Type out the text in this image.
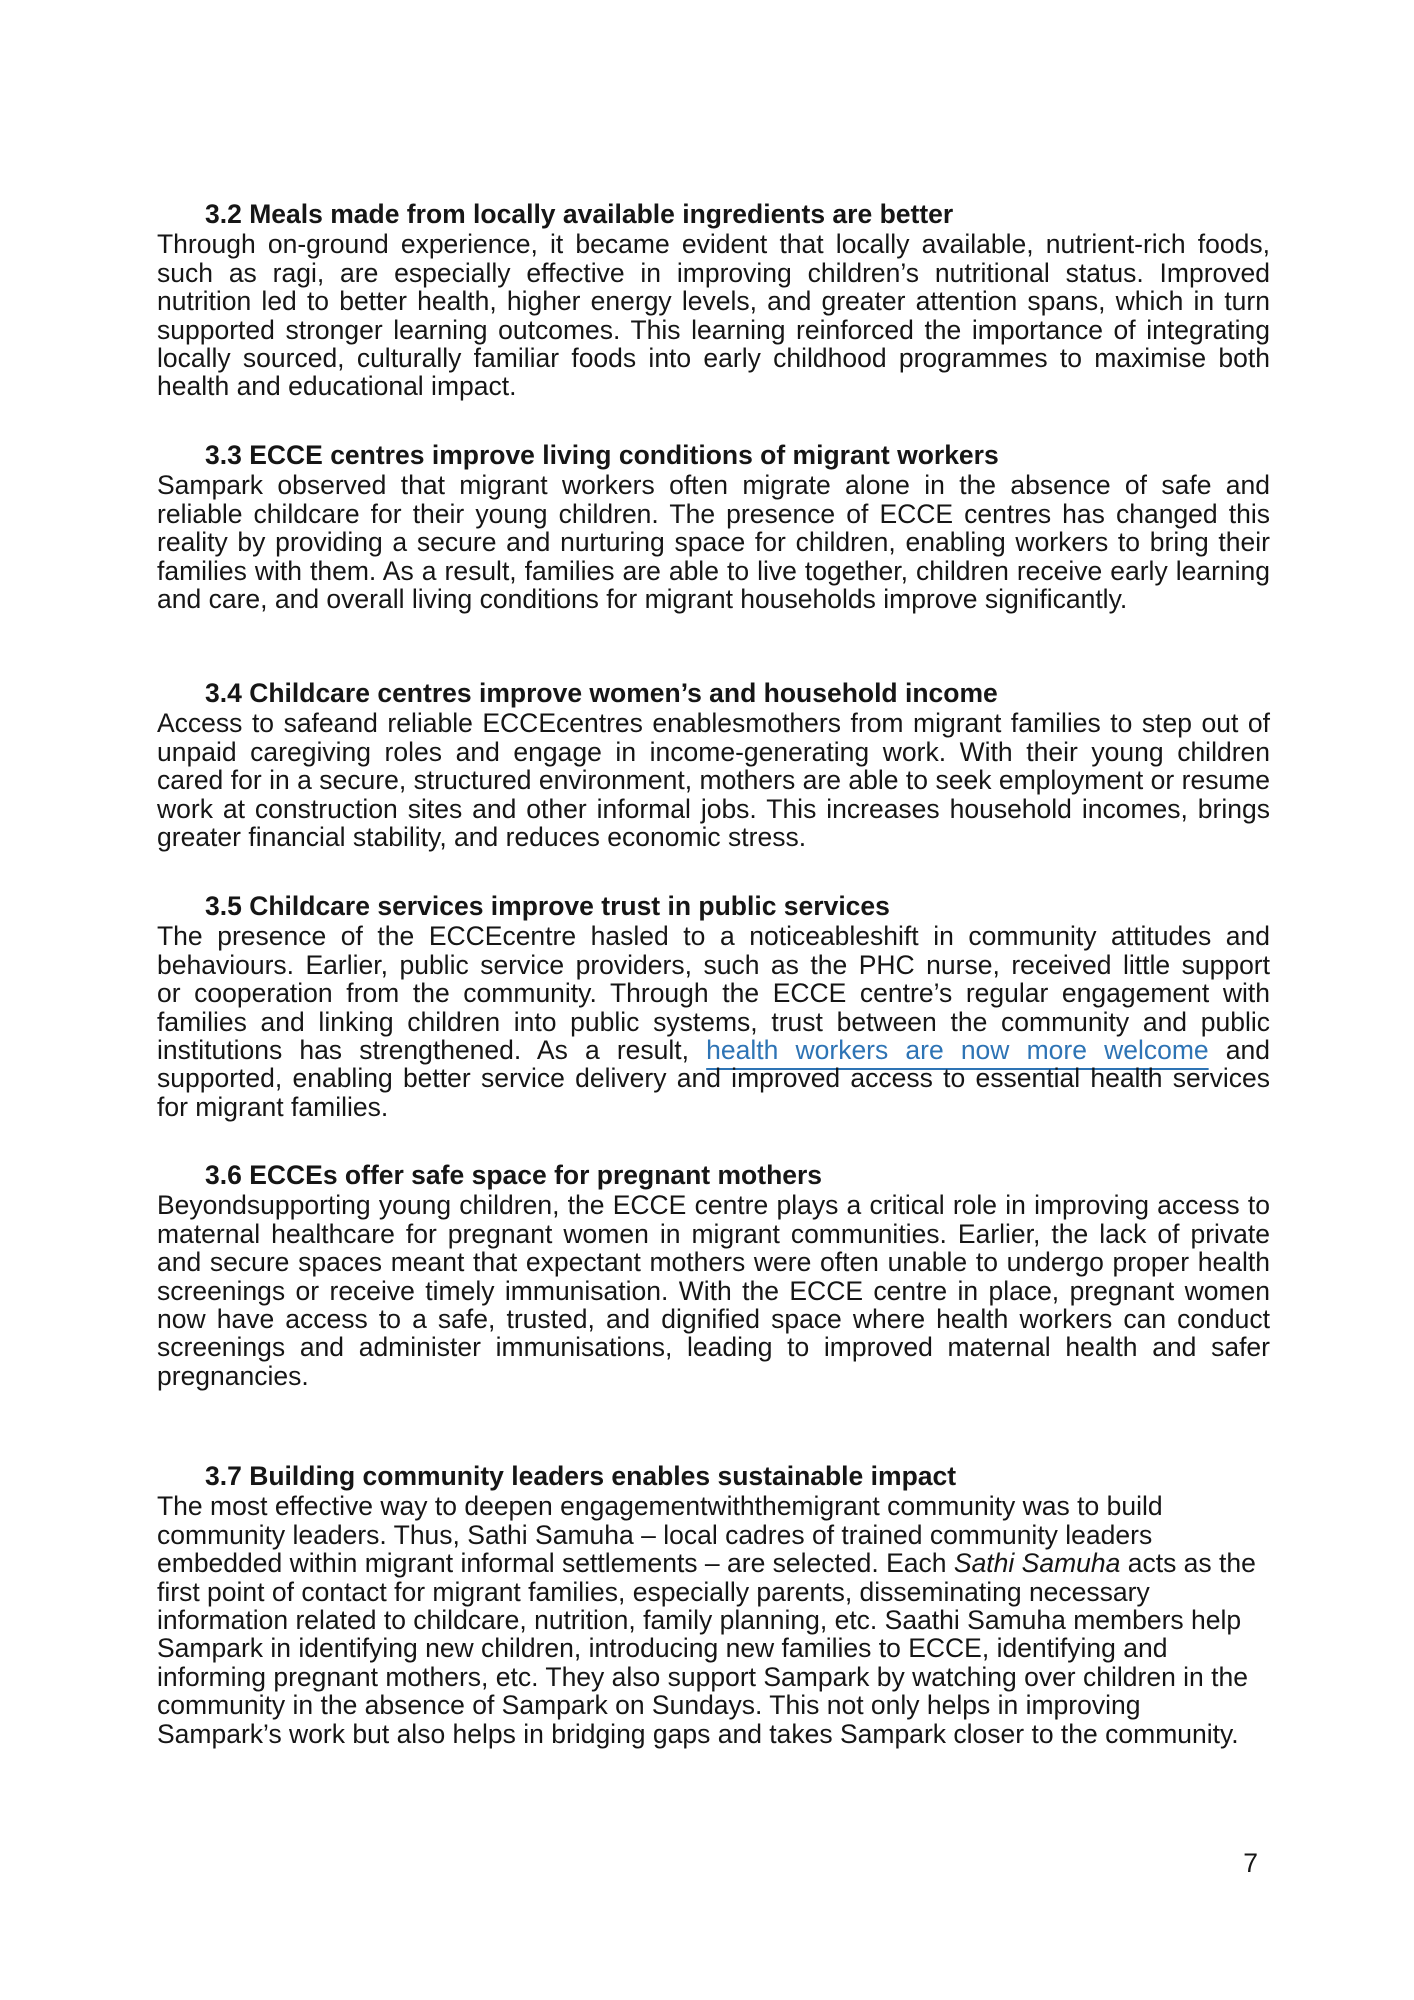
3.2 Meals made from locally available ingredients are better
Through on-ground experience, it became evident that locally available, nutrient-rich foods,
such as ragi, are especially effective in improving children’s nutritional status. Improved
nutrition led to better health, higher energy levels, and greater attention spans, which in turn
supported stronger learning outcomes. This learning reinforced the importance of integrating
locally sourced, culturally familiar foods into early childhood programmes to maximise both
health and educational impact.
3.3 ECCE centres improve living conditions of migrant workers
Sampark observed that migrant workers often migrate alone in the absence of safe and
reliable childcare for their young children. The presence of ECCE centres has changed this
reality by providing a secure and nurturing space for children, enabling workers to bring their
families with them. As a result, families are able to live together, children receive early learning
and care, and overall living conditions for migrant households improve significantly.
3.4 Childcare centres improve women’s and household income
Access to safeand reliable ECCEcentres enablesmothers from migrant families to step out of
unpaid caregiving roles and engage in income-generating work. With their young children
cared for in a secure, structured environment, mothers are able to seek employment or resume
work at construction sites and other informal jobs. This increases household incomes, brings
greater financial stability, and reduces economic stress.
3.5 Childcare services improve trust in public services
The presence of the ECCEcentre hasled to a noticeableshift in community attitudes and
behaviours. Earlier, public service providers, such as the PHC nurse, received little support
or cooperation from the community. Through the ECCE centre’s regular engagement with
families and linking children into public systems, trust between the community and public
institutions has strengthened. As a result, health workers are now more welcome and
supported, enabling better service delivery and improved access to essential health services
for migrant families.
3.6 ECCEs offer safe space for pregnant mothers
Beyondsupporting young children, the ECCE centre plays a critical role in improving access to
maternal healthcare for pregnant women in migrant communities. Earlier, the lack of private
and secure spaces meant that expectant mothers were often unable to undergo proper health
screenings or receive timely immunisation. With the ECCE centre in place, pregnant women
now have access to a safe, trusted, and dignified space where health workers can conduct
screenings and administer immunisations, leading to improved maternal health and safer
pregnancies.
3.7 Building community leaders enables sustainable impact
The most effective way to deepen engagementwiththemigrant community was to build
community leaders. Thus, Sathi Samuha – local cadres of trained community leaders
embedded within migrant informal settlements – are selected. Each Sathi Samuha acts as the
first point of contact for migrant families, especially parents, disseminating necessary
information related to childcare, nutrition, family planning, etc. Saathi Samuha members help
Sampark in identifying new children, introducing new families to ECCE, identifying and
informing pregnant mothers, etc. They also support Sampark by watching over children in the
community in the absence of Sampark on Sundays. This not only helps in improving
Sampark’s work but also helps in bridging gaps and takes Sampark closer to the community.
7
